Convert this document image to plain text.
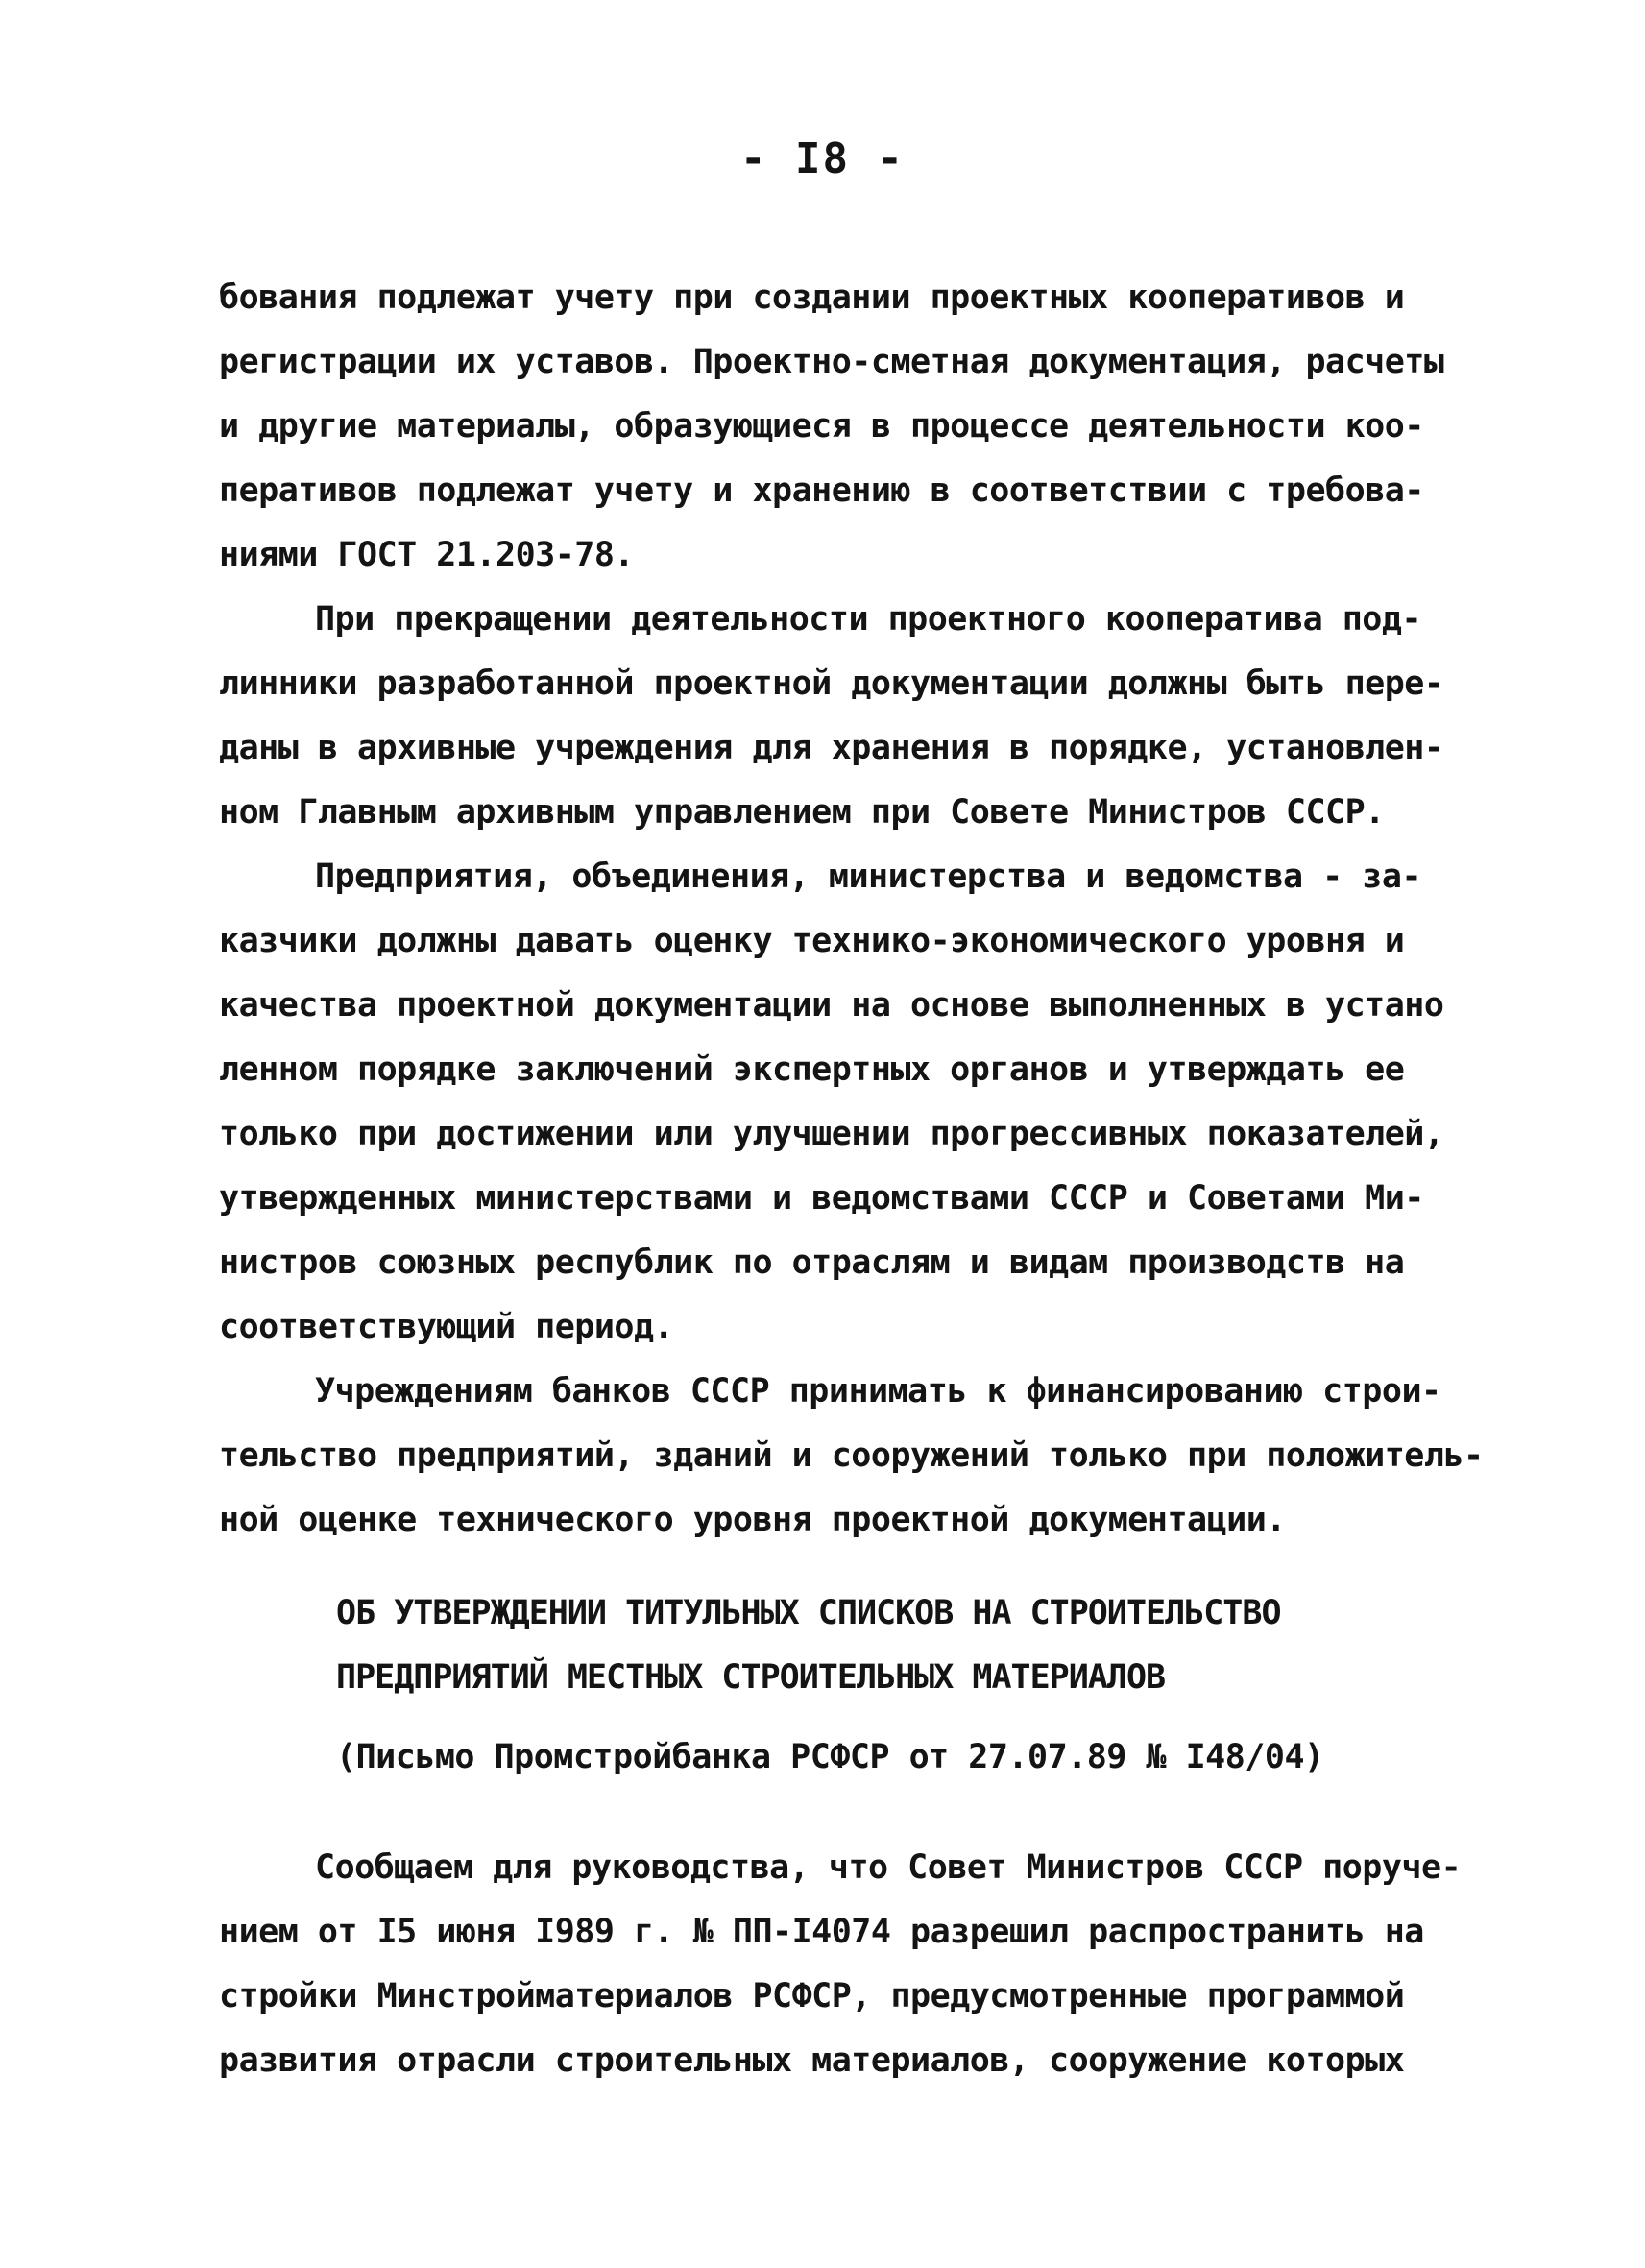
- I8 -
бования подлежат учету при создании проектных кооперативов и
регистрации их уставов. Проектно-сметная документация, расчеты
и другие материалы, образующиеся в процессе деятельности коо-
перативов подлежат учету и хранению в соответствии с требова-
ниями ГОСТ 21.203-78.
При прекращении деятельности проектного кооператива под-
линники разработанной проектной документации должны быть пере-
даны в архивные учреждения для хранения в порядке, установлен-
ном Главным архивным управлением при Совете Министров СССР.
Предприятия, объединения, министерства и ведомства - за-
казчики должны давать оценку технико-экономического уровня и
качества проектной документации на основе выполненных в устано
ленном порядке заключений экспертных органов и утверждать ее
только при достижении или улучшении прогрессивных показателей,
утвержденных министерствами и ведомствами СССР и Советами Ми-
нистров союзных республик по отраслям и видам производств на
соответствующий период.
Учреждениям банков СССР принимать к финансированию строи-
тельство предприятий, зданий и сооружений только при положитель-
ной оценке технического уровня проектной документации.
ОБ УТВЕРЖДЕНИИ ТИТУЛЬНЫХ СПИСКОВ НА СТРОИТЕЛЬСТВО
ПРЕДПРИЯТИЙ МЕСТНЫХ СТРОИТЕЛЬНЫХ МАТЕРИАЛОВ
(Письмо Промстройбанка РСФСР от 27.07.89 № I48/04)
Сообщаем для руководства, что Совет Министров СССР поруче-
нием от I5 июня I989 г. № ПП-I4074 разрешил распространить на
стройки Минстройматериалов РСФСР, предусмотренные программой
развития отрасли строительных материалов, сооружение которых
